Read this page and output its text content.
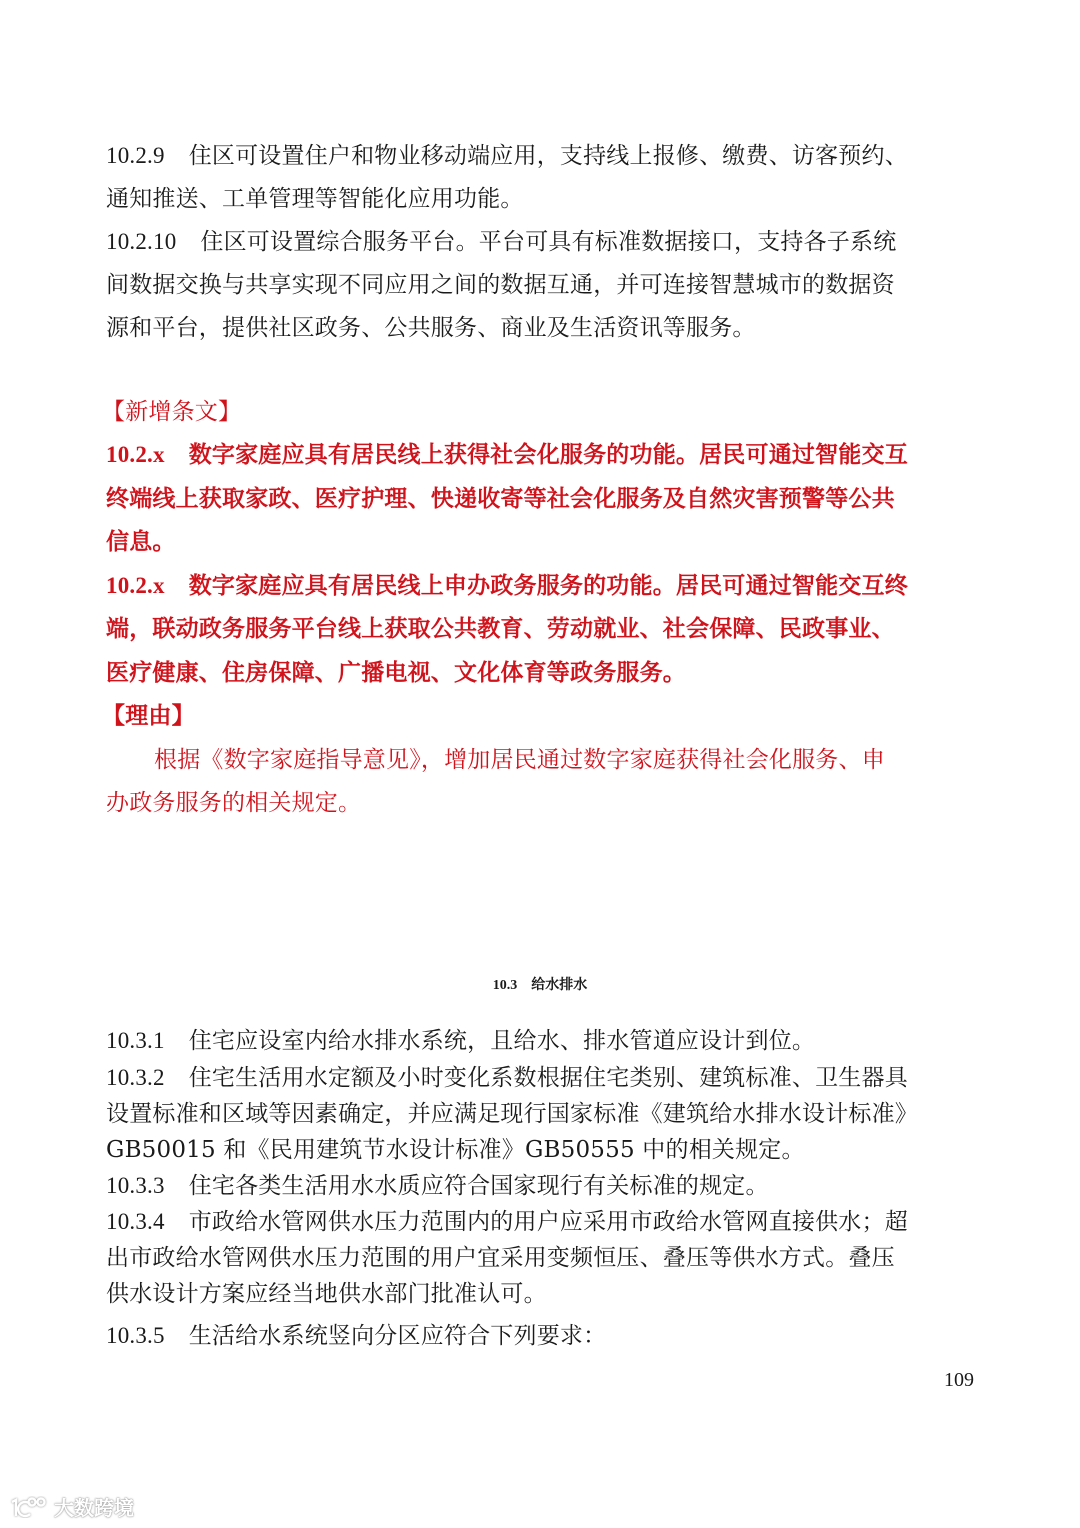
10.2.9 住区可设置住户和物业移动端应用，支持线上报修、缴费、访客预约、
通知推送、工单管理等智能化应用功能。
10.2.10 住区可设置综合服务平台。平台可具有标准数据接口，支持各子系统
间数据交换与共享实现不同应用之间的数据互通，并可连接智慧城市的数据资
源和平台，提供社区政务、公共服务、商业及生活资讯等服务。
【新增条文】
10.2.x 数字家庭应具有居民线上获得社会化服务的功能。居民可通过智能交互
终端线上获取家政、医疗护理、快递收寄等社会化服务及自然灾害预警等公共
信息。
10.2.x 数字家庭应具有居民线上申办政务服务的功能。居民可通过智能交互终
端，联动政务服务平台线上获取公共教育、劳动就业、社会保障、民政事业、
医疗健康、住房保障、广播电视、文化体育等政务服务。
【理由】
根据《数字家庭指导意见》，增加居民通过数字家庭获得社会化服务、申
办政务服务的相关规定。
10.3 给水排水
10.3.1 住宅应设室内给水排水系统，且给水、排水管道应设计到位。
10.3.2 住宅生活用水定额及小时变化系数根据住宅类别、建筑标准、卫生器具
设置标准和区域等因素确定，并应满足现行国家标准《建筑给水排水设计标准》
GB50015 和《民用建筑节水设计标准》GB50555 中的相关规定。
10.3.3 住宅各类生活用水水质应符合国家现行有关标准的规定。
10.3.4 市政给水管网供水压力范围内的用户应采用市政给水管网直接供水；超
出市政给水管网供水压力范围的用户宜采用变频恒压、叠压等供水方式。叠压
供水设计方案应经当地供水部门批准认可。
10.3.5 生活给水系统竖向分区应符合下列要求：
109
大数跨境
